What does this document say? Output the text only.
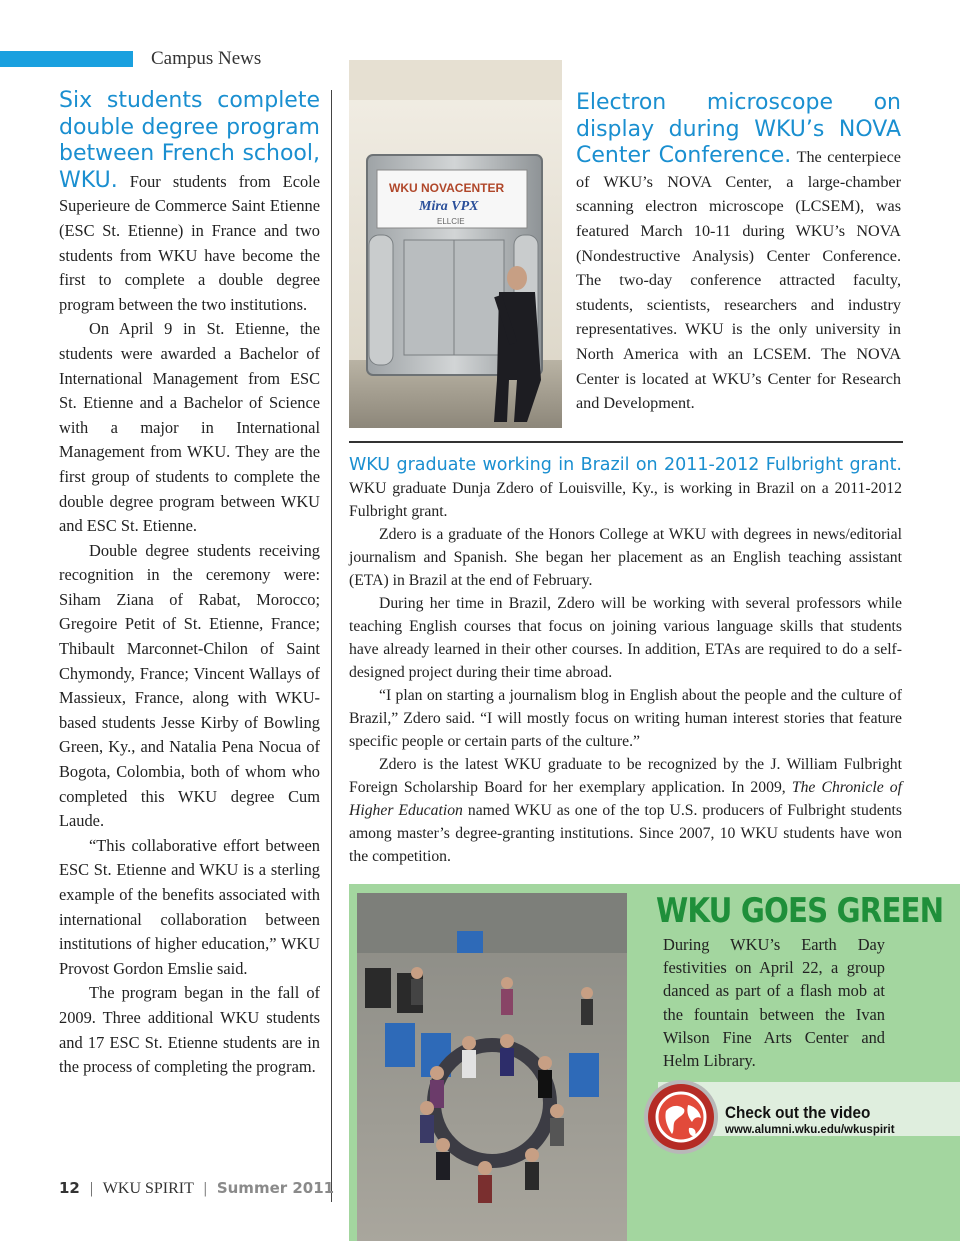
Campus News

Six students complete double degree program between French school, WKU. Four students from Ecole Superieure de Commerce Saint Etienne (ESC St. Etienne) in France and two students from WKU have become the first to complete a double degree program between the two institutions.

On April 9 in St. Etienne, the students were awarded a Bachelor of International Management from ESC St. Etienne and a Bachelor of Science with a major in International Management from WKU. They are the first group of students to complete the double degree program between WKU and ESC St. Etienne.

Double degree students receiving recognition in the ceremony were: Siham Ziana of Rabat, Morocco; Gregoire Petit of St. Etienne, France; Thibault Marconnet-Chilon of Saint Chymondy, France; Vincent Wallays of Massieux, France, along with WKU-based students Jesse Kirby of Bowling Green, Ky., and Natalia Pena Nocua of Bogota, Colombia, both of whom who completed this WKU degree Cum Laude.

“This collaborative effort between ESC St. Etienne and WKU is a sterling example of the benefits associated with international collaboration between institutions of higher education,” WKU Provost Gordon Emslie said.

The program began in the fall of 2009. Three additional WKU students and 17 ESC St. Etienne students are in the process of completing the program.

WKU NOVACENTER
Mira VPX
ELLCIE

Electron microscope on display during WKU’s NOVA Center Conference. The centerpiece of WKU’s NOVA Center, a large-chamber scanning electron microscope (LCSEM), was featured March 10-11 during WKU’s NOVA (Nondestructive Analysis) Center Conference. The two-day conference attracted faculty, students, scientists, researchers and industry representatives. WKU is the only university in North America with an LCSEM. The NOVA Center is located at WKU’s Center for Research and Development.

WKU graduate working in Brazil on 2011-2012 Fulbright grant. WKU graduate Dunja Zdero of Louisville, Ky., is working in Brazil on a 2011-2012 Fulbright grant.

Zdero is a graduate of the Honors College at WKU with degrees in news/editorial journalism and Spanish. She began her placement as an English teaching assistant (ETA) in Brazil at the end of February.

During her time in Brazil, Zdero will be working with several professors while teaching English courses that focus on joining various language skills that students have already learned in their other courses. In addition, ETAs are required to do a self-designed project during their time abroad.

“I plan on starting a journalism blog in English about the people and the culture of Brazil,” Zdero said. “I will mostly focus on writing human interest stories that feature specific people or certain parts of the culture.”

Zdero is the latest WKU graduate to be recognized by the J. William Fulbright Foreign Scholarship Board for her exemplary application. In 2009, The Chronicle of Higher Education named WKU as one of the top U.S. producers of Fulbright students among master’s degree-granting institutions. Since 2007, 10 WKU students have won the competition.

WKU GOES GREEN
During WKU’s Earth Day festivities on April 22, a group danced as part of a flash mob at the fountain between the Ivan Wilson Fine Arts Center and Helm Library.
Check out the video
www.alumni.wku.edu/wkuspirit
12 | WKU SPIRIT | Summer 2011
